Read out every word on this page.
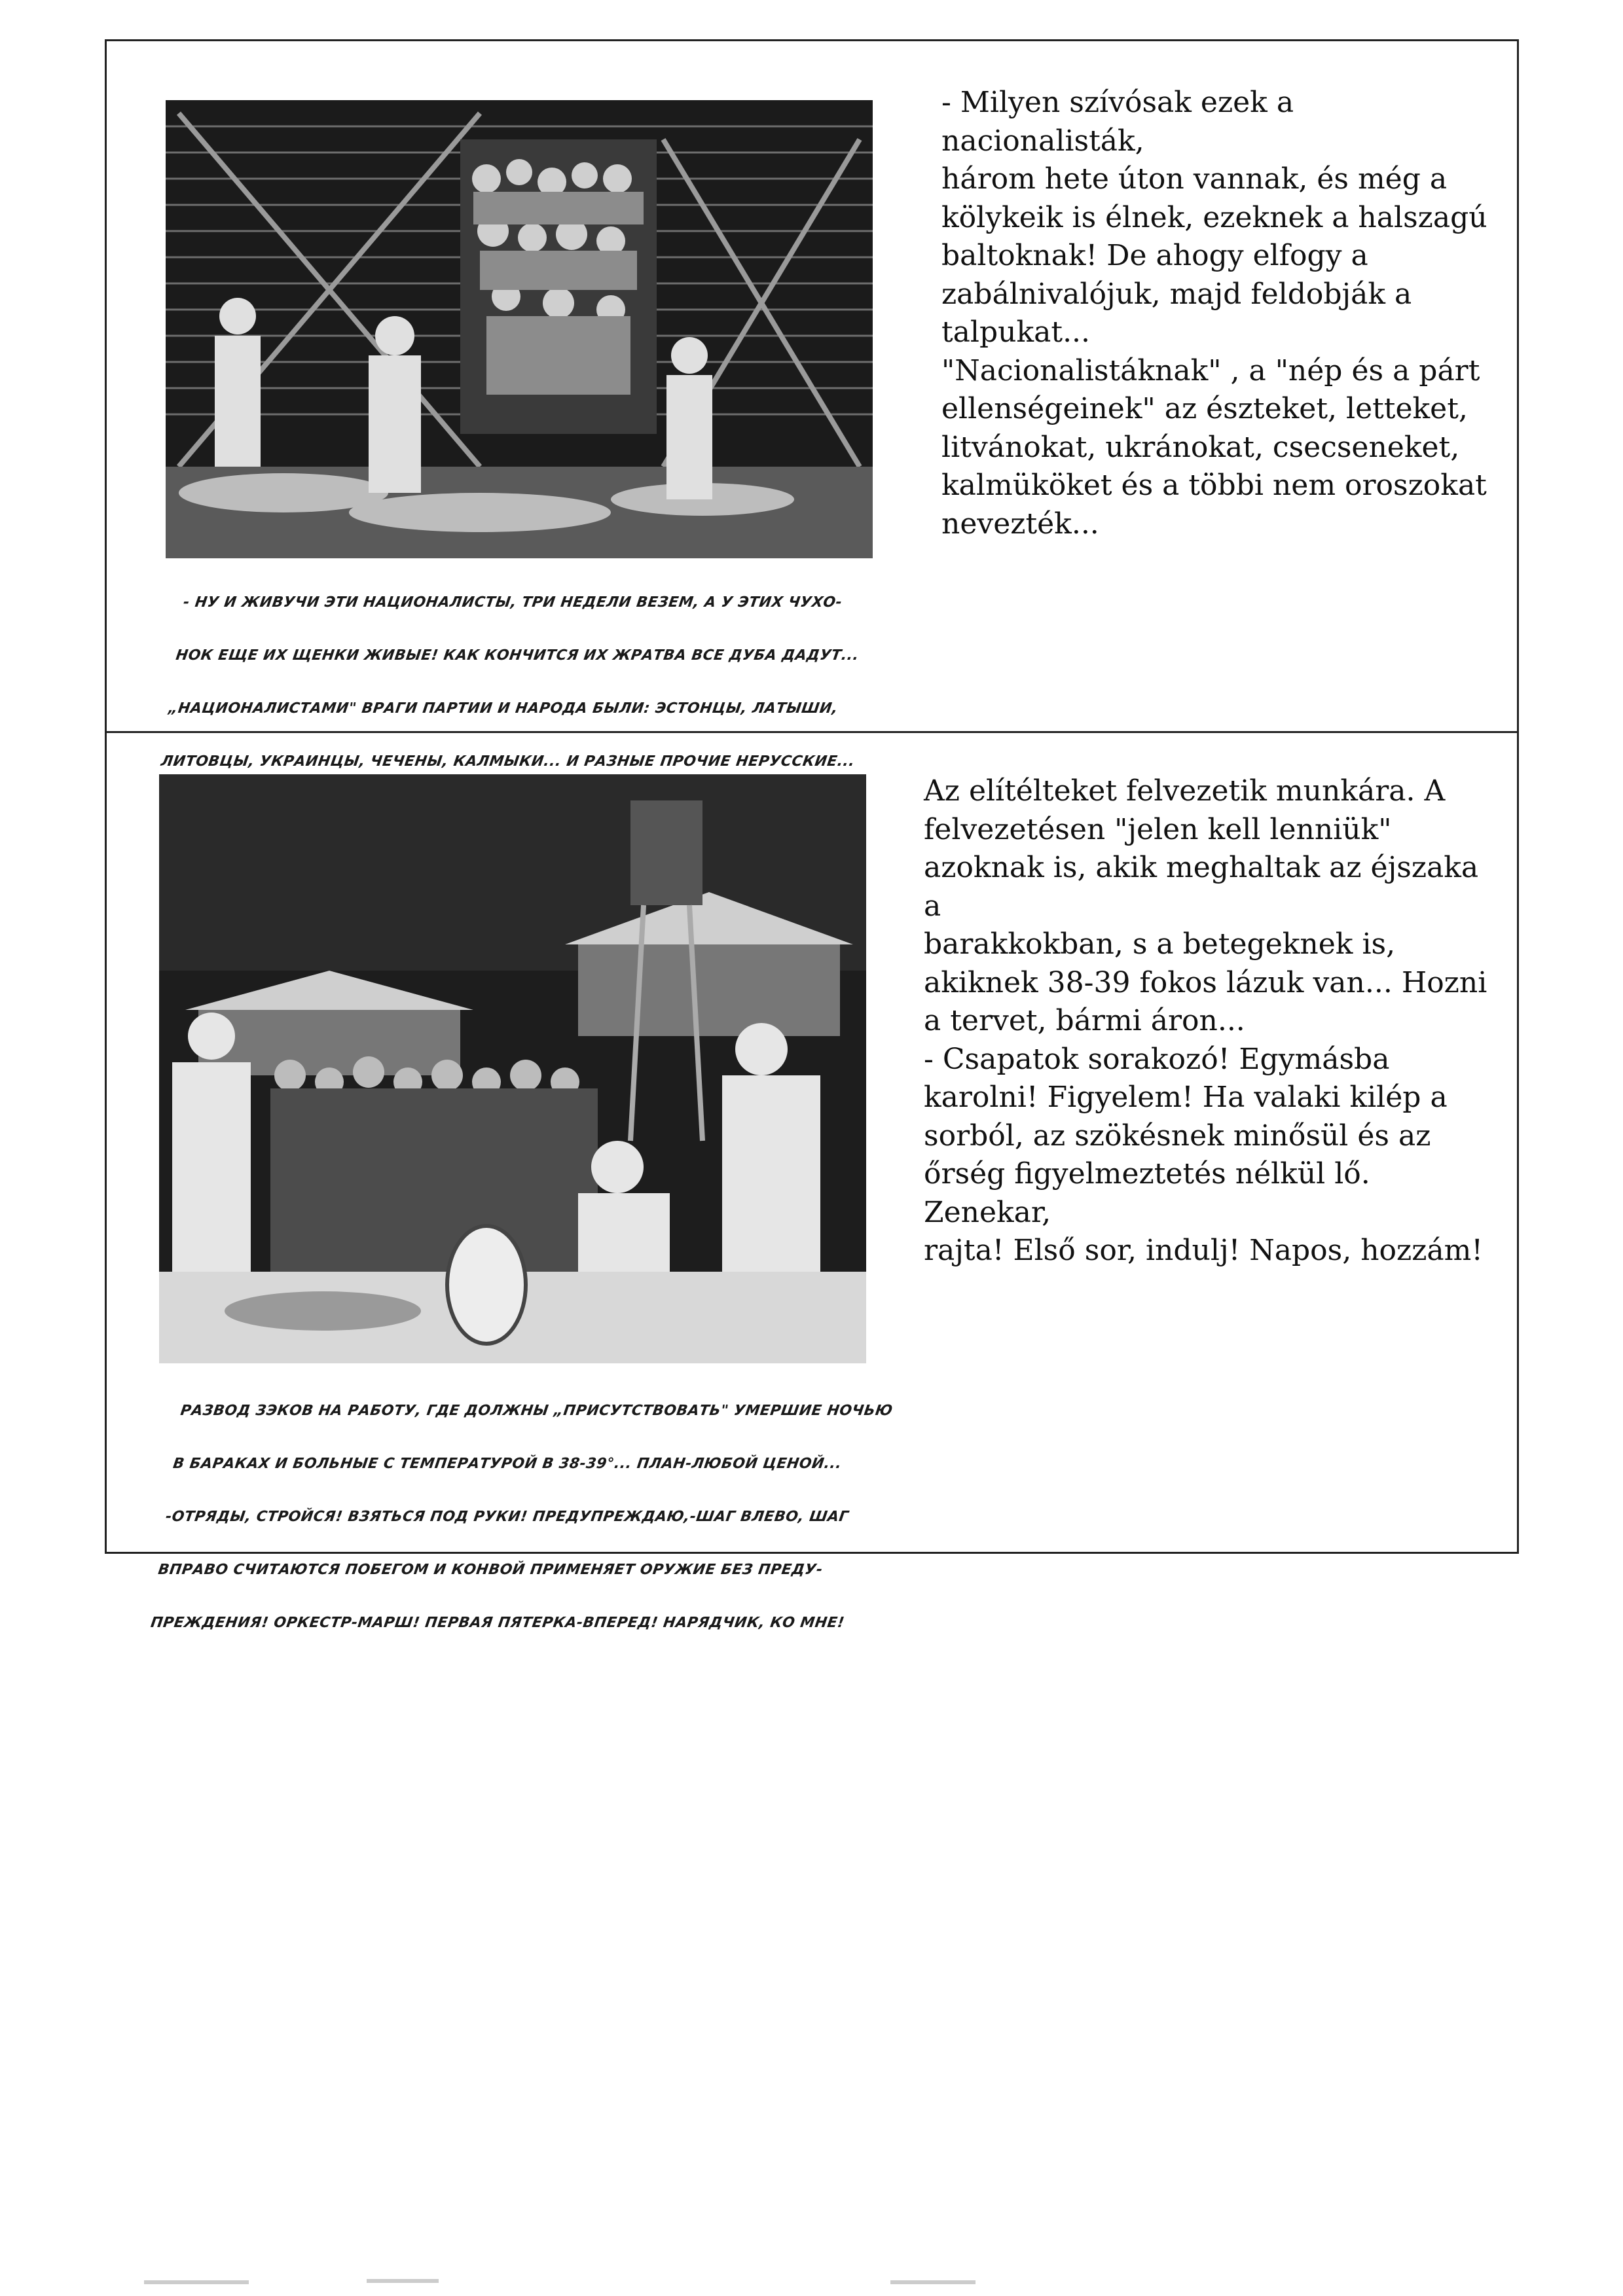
- НУ И ЖИВУЧИ ЭТИ НАЦИОНАЛИСТЫ, ТРИ НЕДЕЛИ ВЕЗЕМ, А У ЭТИХ ЧУХО-

НОК ЕЩЕ ИХ ЩЕНКИ ЖИВЫЕ! КАК КОНЧИТСЯ ИХ ЖРАТВА ВСЕ ДУБА ДАДУТ...

„НАЦИОНАЛИСТАМИ" ВРАГИ ПАРТИИ И НАРОДА БЫЛИ: ЭСТОНЦЫ, ЛАТЫШИ,

ЛИТОВЦЫ, УКРАИНЦЫ, ЧЕЧЕНЫ, КАЛМЫКИ... И РАЗНЫЕ ПРОЧИЕ НЕРУССКИЕ...

- Milyen szívósak ezek a nacionalisták,
három hete úton vannak, és még a
kölykeik is élnek, ezeknek a halszagú
baltoknak! De ahogy elfogy a
zabálnivalójuk, majd feldobják a
talpukat...
"Nacionalistáknak" , a "nép és a párt
ellenségeinek" az észteket, letteket,
litvánokat, ukránokat, csecseneket,
kalmüköket és a többi nem oroszokat
nevezték...

РАЗВОД ЗЭКОВ НА РАБОТУ, ГДЕ ДОЛЖНЫ „ПРИСУТСТВОВАТЬ" УМЕРШИЕ НОЧЬЮ

В БАРАКАХ И БОЛЬНЫЕ С ТЕМПЕРАТУРОЙ В 38-39°... ПЛАН-ЛЮБОЙ ЦЕНОЙ...

-ОТРЯДЫ, СТРОЙСЯ! ВЗЯТЬСЯ ПОД РУКИ! ПРЕДУПРЕЖДАЮ,-ШАГ ВЛЕВО, ШАГ

ВПРАВО СЧИТАЮТСЯ ПОБЕГОМ И КОНВОЙ ПРИМЕНЯЕТ ОРУЖИЕ БЕЗ ПРЕДУ-

ПРЕЖДЕНИЯ! ОРКЕСТР-МАРШ! ПЕРВАЯ ПЯТЕРКА-ВПЕРЕД! НАРЯДЧИК, КО МНЕ!

Az elítélteket felvezetik munkára. A
felvezetésen "jelen kell lenniük"
azoknak is, akik meghaltak az éjszaka a
barakkokban, s a betegeknek is,
akiknek 38-39 fokos lázuk van... Hozni
a tervet, bármi áron...
- Csapatok sorakozó! Egymásba
karolni! Figyelem! Ha valaki kilép a
sorból, az szökésnek minősül és az
őrség figyelmeztetés nélkül lő. Zenekar,
rajta! Első sor, indulj! Napos, hozzám!
